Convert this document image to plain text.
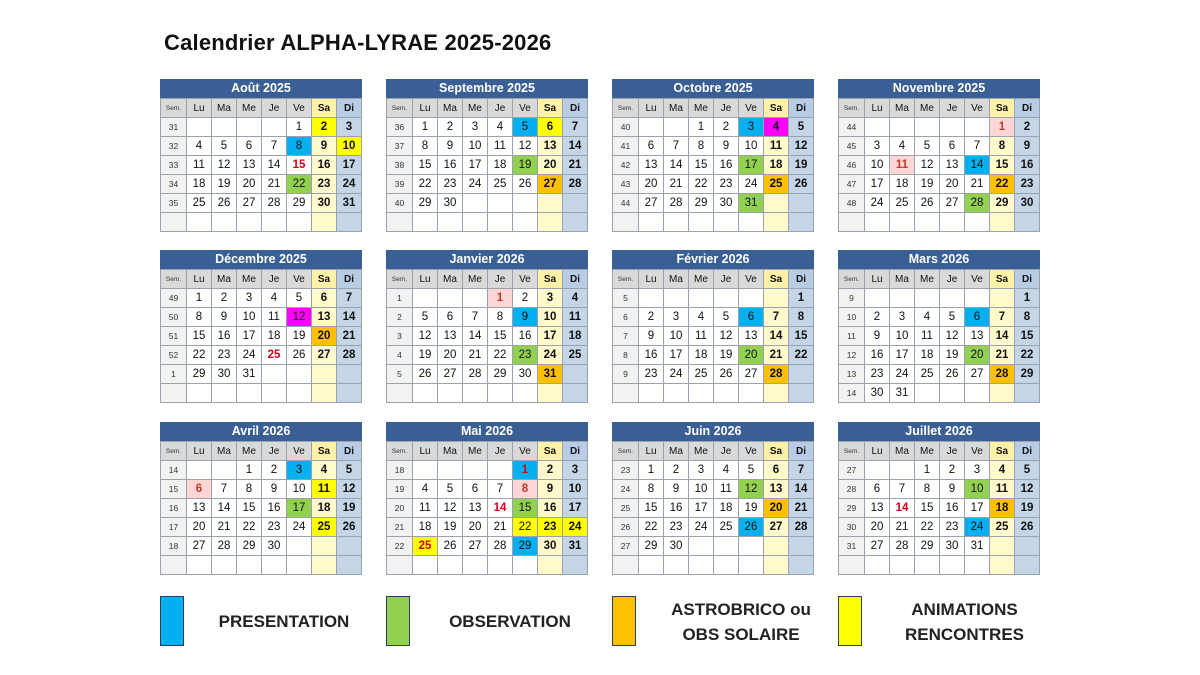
Calendrier ALPHA-LYRAE 2025-2026
Août 2025
Sem.	Lu	Ma	Me	Je	Ve	Sa	Di
31					1	2	3
32	4	5	6	7	8	9	10
33	11	12	13	14	15	16	17
34	18	19	20	21	22	23	24
35	25	26	27	28	29	30	31

Septembre 2025
Sem.	Lu	Ma	Me	Je	Ve	Sa	Di
36	1	2	3	4	5	6	7
37	8	9	10	11	12	13	14
38	15	16	17	18	19	20	21
39	22	23	24	25	26	27	28
40	29	30					

Octobre 2025
Sem.	Lu	Ma	Me	Je	Ve	Sa	Di
40			1	2	3	4	5
41	6	7	8	9	10	11	12
42	13	14	15	16	17	18	19
43	20	21	22	23	24	25	26
44	27	28	29	30	31		

Novembre 2025
Sem.	Lu	Ma	Me	Je	Ve	Sa	Di
44						1	2
45	3	4	5	6	7	8	9
46	10	11	12	13	14	15	16
47	17	18	19	20	21	22	23
48	24	25	26	27	28	29	30

Décembre 2025
Sem.	Lu	Ma	Me	Je	Ve	Sa	Di
49	1	2	3	4	5	6	7
50	8	9	10	11	12	13	14
51	15	16	17	18	19	20	21
52	22	23	24	25	26	27	28
1	29	30	31				

Janvier 2026
Sem.	Lu	Ma	Me	Je	Ve	Sa	Di
1				1	2	3	4
2	5	6	7	8	9	10	11
3	12	13	14	15	16	17	18
4	19	20	21	22	23	24	25
5	26	27	28	29	30	31	

Février 2026
Sem.	Lu	Ma	Me	Je	Ve	Sa	Di
5							1
6	2	3	4	5	6	7	8
7	9	10	11	12	13	14	15
8	16	17	18	19	20	21	22
9	23	24	25	26	27	28	

Mars 2026
Sem.	Lu	Ma	Me	Je	Ve	Sa	Di
9							1
10	2	3	4	5	6	7	8
11	9	10	11	12	13	14	15
12	16	17	18	19	20	21	22
13	23	24	25	26	27	28	29
14	30	31					
Avril 2026
Sem.	Lu	Ma	Me	Je	Ve	Sa	Di
14			1	2	3	4	5
15	6	7	8	9	10	11	12
16	13	14	15	16	17	18	19
17	20	21	22	23	24	25	26
18	27	28	29	30			

Mai 2026
Sem.	Lu	Ma	Me	Je	Ve	Sa	Di
18					1	2	3
19	4	5	6	7	8	9	10
20	11	12	13	14	15	16	17
21	18	19	20	21	22	23	24
22	25	26	27	28	29	30	31

Juin 2026
Sem.	Lu	Ma	Me	Je	Ve	Sa	Di
23	1	2	3	4	5	6	7
24	8	9	10	11	12	13	14
25	15	16	17	18	19	20	21
26	22	23	24	25	26	27	28
27	29	30					

Juillet 2026
Sem.	Lu	Ma	Me	Je	Ve	Sa	Di
27			1	2	3	4	5
28	6	7	8	9	10	11	12
29	13	14	15	16	17	18	19
30	20	21	22	23	24	25	26
31	27	28	29	30	31		

PRESENTATION	OBSERVATION
ASTROBRICO ou
OBS SOLAIRE
ANIMATIONS
RENCONTRES
